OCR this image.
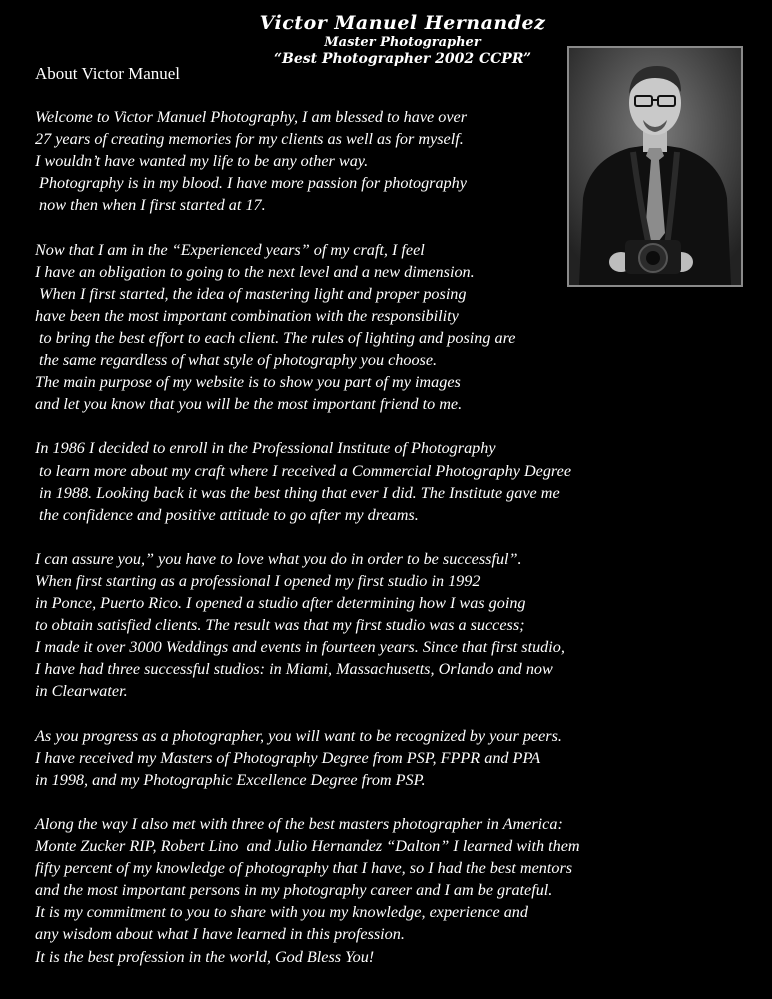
Victor Manuel Hernandez
Master Photographer
“Best Photographer 2002 CCPR”
About Victor Manuel
Welcome to Victor Manuel Photography, I am blessed to have over
27 years of creating memories for my clients as well as for myself.
I wouldn’t have wanted my life to be any other way.
Photography is in my blood. I have more passion for photography
now then when I first started at 17.
Now that I am in the “Experienced years” of my craft, I feel
I have an obligation to going to the next level and a new dimension.
When I first started, the idea of mastering light and proper posing
have been the most important combination with the responsibility
to bring the best effort to each client. The rules of lighting and posing are
the same regardless of what style of photography you choose.
The main purpose of my website is to show you part of my images
and let you know that you will be the most important friend to me.
In 1986 I decided to enroll in the Professional Institute of Photography
to learn more about my craft where I received a Commercial Photography Degree
in 1988. Looking back it was the best thing that ever I did. The Institute gave me
the confidence and positive attitude to go after my dreams.
I can assure you,” you have to love what you do in order to be successful”.
When first starting as a professional I opened my first studio in 1992
in Ponce, Puerto Rico. I opened a studio after determining how I was going
to obtain satisfied clients. The result was that my first studio was a success;
I made it over 3000 Weddings and events in fourteen years. Since that first studio,
I have had three successful studios: in Miami, Massachusetts, Orlando and now
in Clearwater.
As you progress as a photographer, you will want to be recognized by your peers.
I have received my Masters of Photography Degree from PSP, FPPR and PPA
in 1998, and my Photographic Excellence Degree from PSP.
Along the way I also met with three of the best masters photographer in America:
Monte Zucker RIP, Robert Lino  and Julio Hernandez “Dalton” I learned with them
fifty percent of my knowledge of photography that I have, so I had the best mentors
and the most important persons in my photography career and I am be grateful.
It is my commitment to you to share with you my knowledge, experience and
any wisdom about what I have learned in this profession.
It is the best profession in the world, God Bless You!
